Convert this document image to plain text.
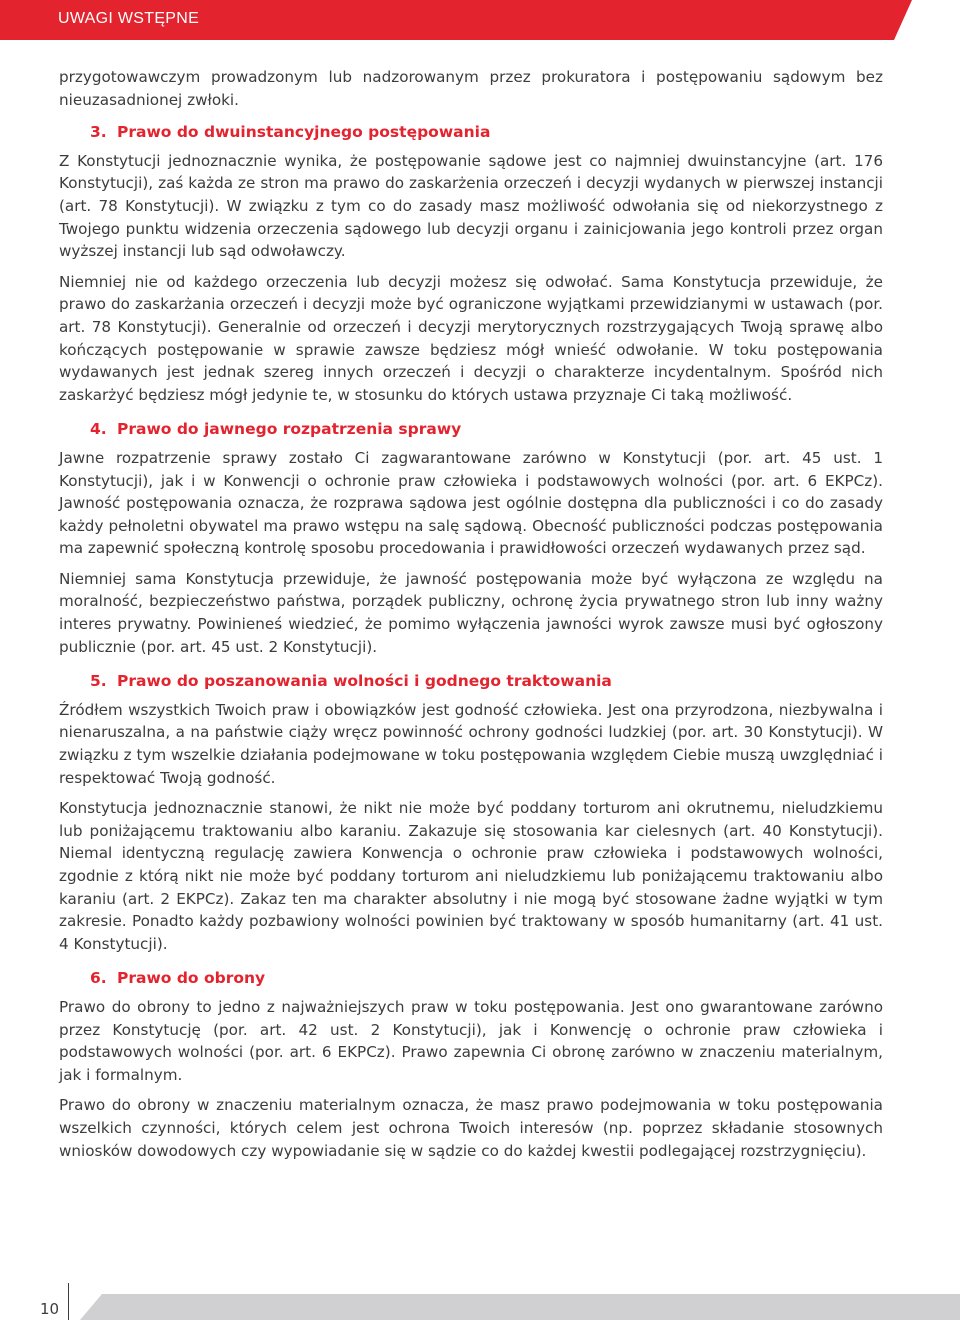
UWAGI WSTĘPNE

przygotowawczym prowadzonym lub nadzorowanym przez prokuratora i postępowaniu sądowym bez nieuzasadnionej zwłoki.

3. Prawo do dwuinstancyjnego postępowania

Z Konstytucji jednoznacznie wynika, że postępowanie sądowe jest co najmniej dwuinstancyjne (art. 176 Konstytucji), zaś każda ze stron ma prawo do zaskarżenia orzeczeń i decyzji wydanych w pierwszej instancji (art. 78 Konstytucji). W związku z tym co do zasady masz możliwość odwołania się od niekorzystnego z Twojego punktu widzenia orzeczenia sądowego lub decyzji organu i zainicjowania jego kontroli przez organ wyższej instancji lub sąd odwoławczy.

Niemniej nie od każdego orzeczenia lub decyzji możesz się odwołać. Sama Konstytucja przewiduje, że prawo do zaskarżania orzeczeń i decyzji może być ograniczone wyjątkami przewidzianymi w ustawach (por. art. 78 Konstytucji). Generalnie od orzeczeń i decyzji merytorycznych rozstrzygających Twoją sprawę albo kończących postępowanie w sprawie zawsze będziesz mógł wnieść odwołanie. W toku postępowania wydawanych jest jednak szereg innych orzeczeń i decyzji o charakterze incydentalnym. Spośród nich zaskarżyć będziesz mógł jedynie te, w stosunku do których ustawa przyznaje Ci taką możliwość.

4. Prawo do jawnego rozpatrzenia sprawy

Jawne rozpatrzenie sprawy zostało Ci zagwarantowane zarówno w Konstytucji (por. art. 45 ust. 1 Konstytucji), jak i w Konwencji o ochronie praw człowieka i podstawowych wolności (por. art. 6 EKPCz). Jawność postępowania oznacza, że rozprawa sądowa jest ogólnie dostępna dla publiczności i co do zasady każdy pełnoletni obywatel ma prawo wstępu na salę sądową. Obecność publiczności podczas postępowania ma zapewnić społeczną kontrolę sposobu procedowania i prawidłowości orzeczeń wydawanych przez sąd.

Niemniej sama Konstytucja przewiduje, że jawność postępowania może być wyłączona ze względu na moralność, bezpieczeństwo państwa, porządek publiczny, ochronę życia prywatnego stron lub inny ważny interes prywatny. Powinieneś wiedzieć, że pomimo wyłączenia jawności wyrok zawsze musi być ogłoszony publicznie (por. art. 45 ust. 2 Konstytucji).

5. Prawo do poszanowania wolności i godnego traktowania

Źródłem wszystkich Twoich praw i obowiązków jest godność człowieka. Jest ona przyrodzona, niezbywalna i nienaruszalna, a na państwie ciąży wręcz powinność ochrony godności ludzkiej (por. art. 30 Konstytucji). W związku z tym wszelkie działania podejmowane w toku postępowania względem Ciebie muszą uwzględniać i respektować Twoją godność.

Konstytucja jednoznacznie stanowi, że nikt nie może być poddany torturom ani okrutnemu, nieludzkiemu lub poniżającemu traktowaniu albo karaniu. Zakazuje się stosowania kar cielesnych (art. 40 Konstytucji). Niemal identyczną regulację zawiera Konwencja o ochronie praw człowieka i podstawowych wolności, zgodnie z którą nikt nie może być poddany torturom ani nieludzkiemu lub poniżającemu traktowaniu albo karaniu (art. 2 EKPCz). Zakaz ten ma charakter absolutny i nie mogą być stosowane żadne wyjątki w tym zakresie. Ponadto każdy pozbawiony wolności powinien być traktowany w sposób humanitarny (art. 41 ust. 4 Konstytucji).

6. Prawo do obrony

Prawo do obrony to jedno z najważniejszych praw w toku postępowania. Jest ono gwarantowane zarówno przez Konstytucję (por. art. 42 ust. 2 Konstytucji), jak i Konwencję o ochronie praw człowieka i podstawowych wolności (por. art. 6 EKPCz). Prawo zapewnia Ci obronę zarówno w znaczeniu materialnym, jak i formalnym.

Prawo do obrony w znaczeniu materialnym oznacza, że masz prawo podejmowania w toku postępowania wszelkich czynności, których celem jest ochrona Twoich interesów (np. poprzez składanie stosownych wniosków dowodowych czy wypowiadanie się w sądzie co do każdej kwestii podlegającej rozstrzygnięciu).

10
